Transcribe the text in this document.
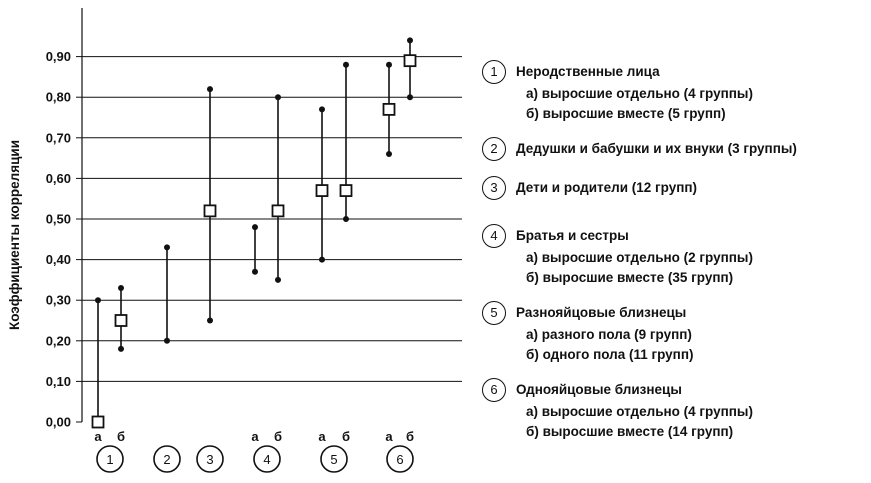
0,00
0,10
0,20
0,30
0,40
0,50
0,60
0,70
0,80
0,90
Коэффициенты корреляции
а б
1	2	3
а б
4
а б
5
а б
6
1	Неродственные лица
а) выросшие отдельно (4 группы)
б) выросшие вместе (5 групп)
2	Дедушки и бабушки и их внуки (3 группы)
3	Дети и родители (12 групп)
4	Братья и сестры
а) выросшие отдельно (2 группы)
б) выросшие вместе (35 групп)
5	Разнояйцовые близнецы
а) разного пола (9 групп)
б) одного пола (11 групп)
6	Однояйцовые близнецы
а) выросшие отдельно (4 группы)
б) выросшие вместе (14 групп)
